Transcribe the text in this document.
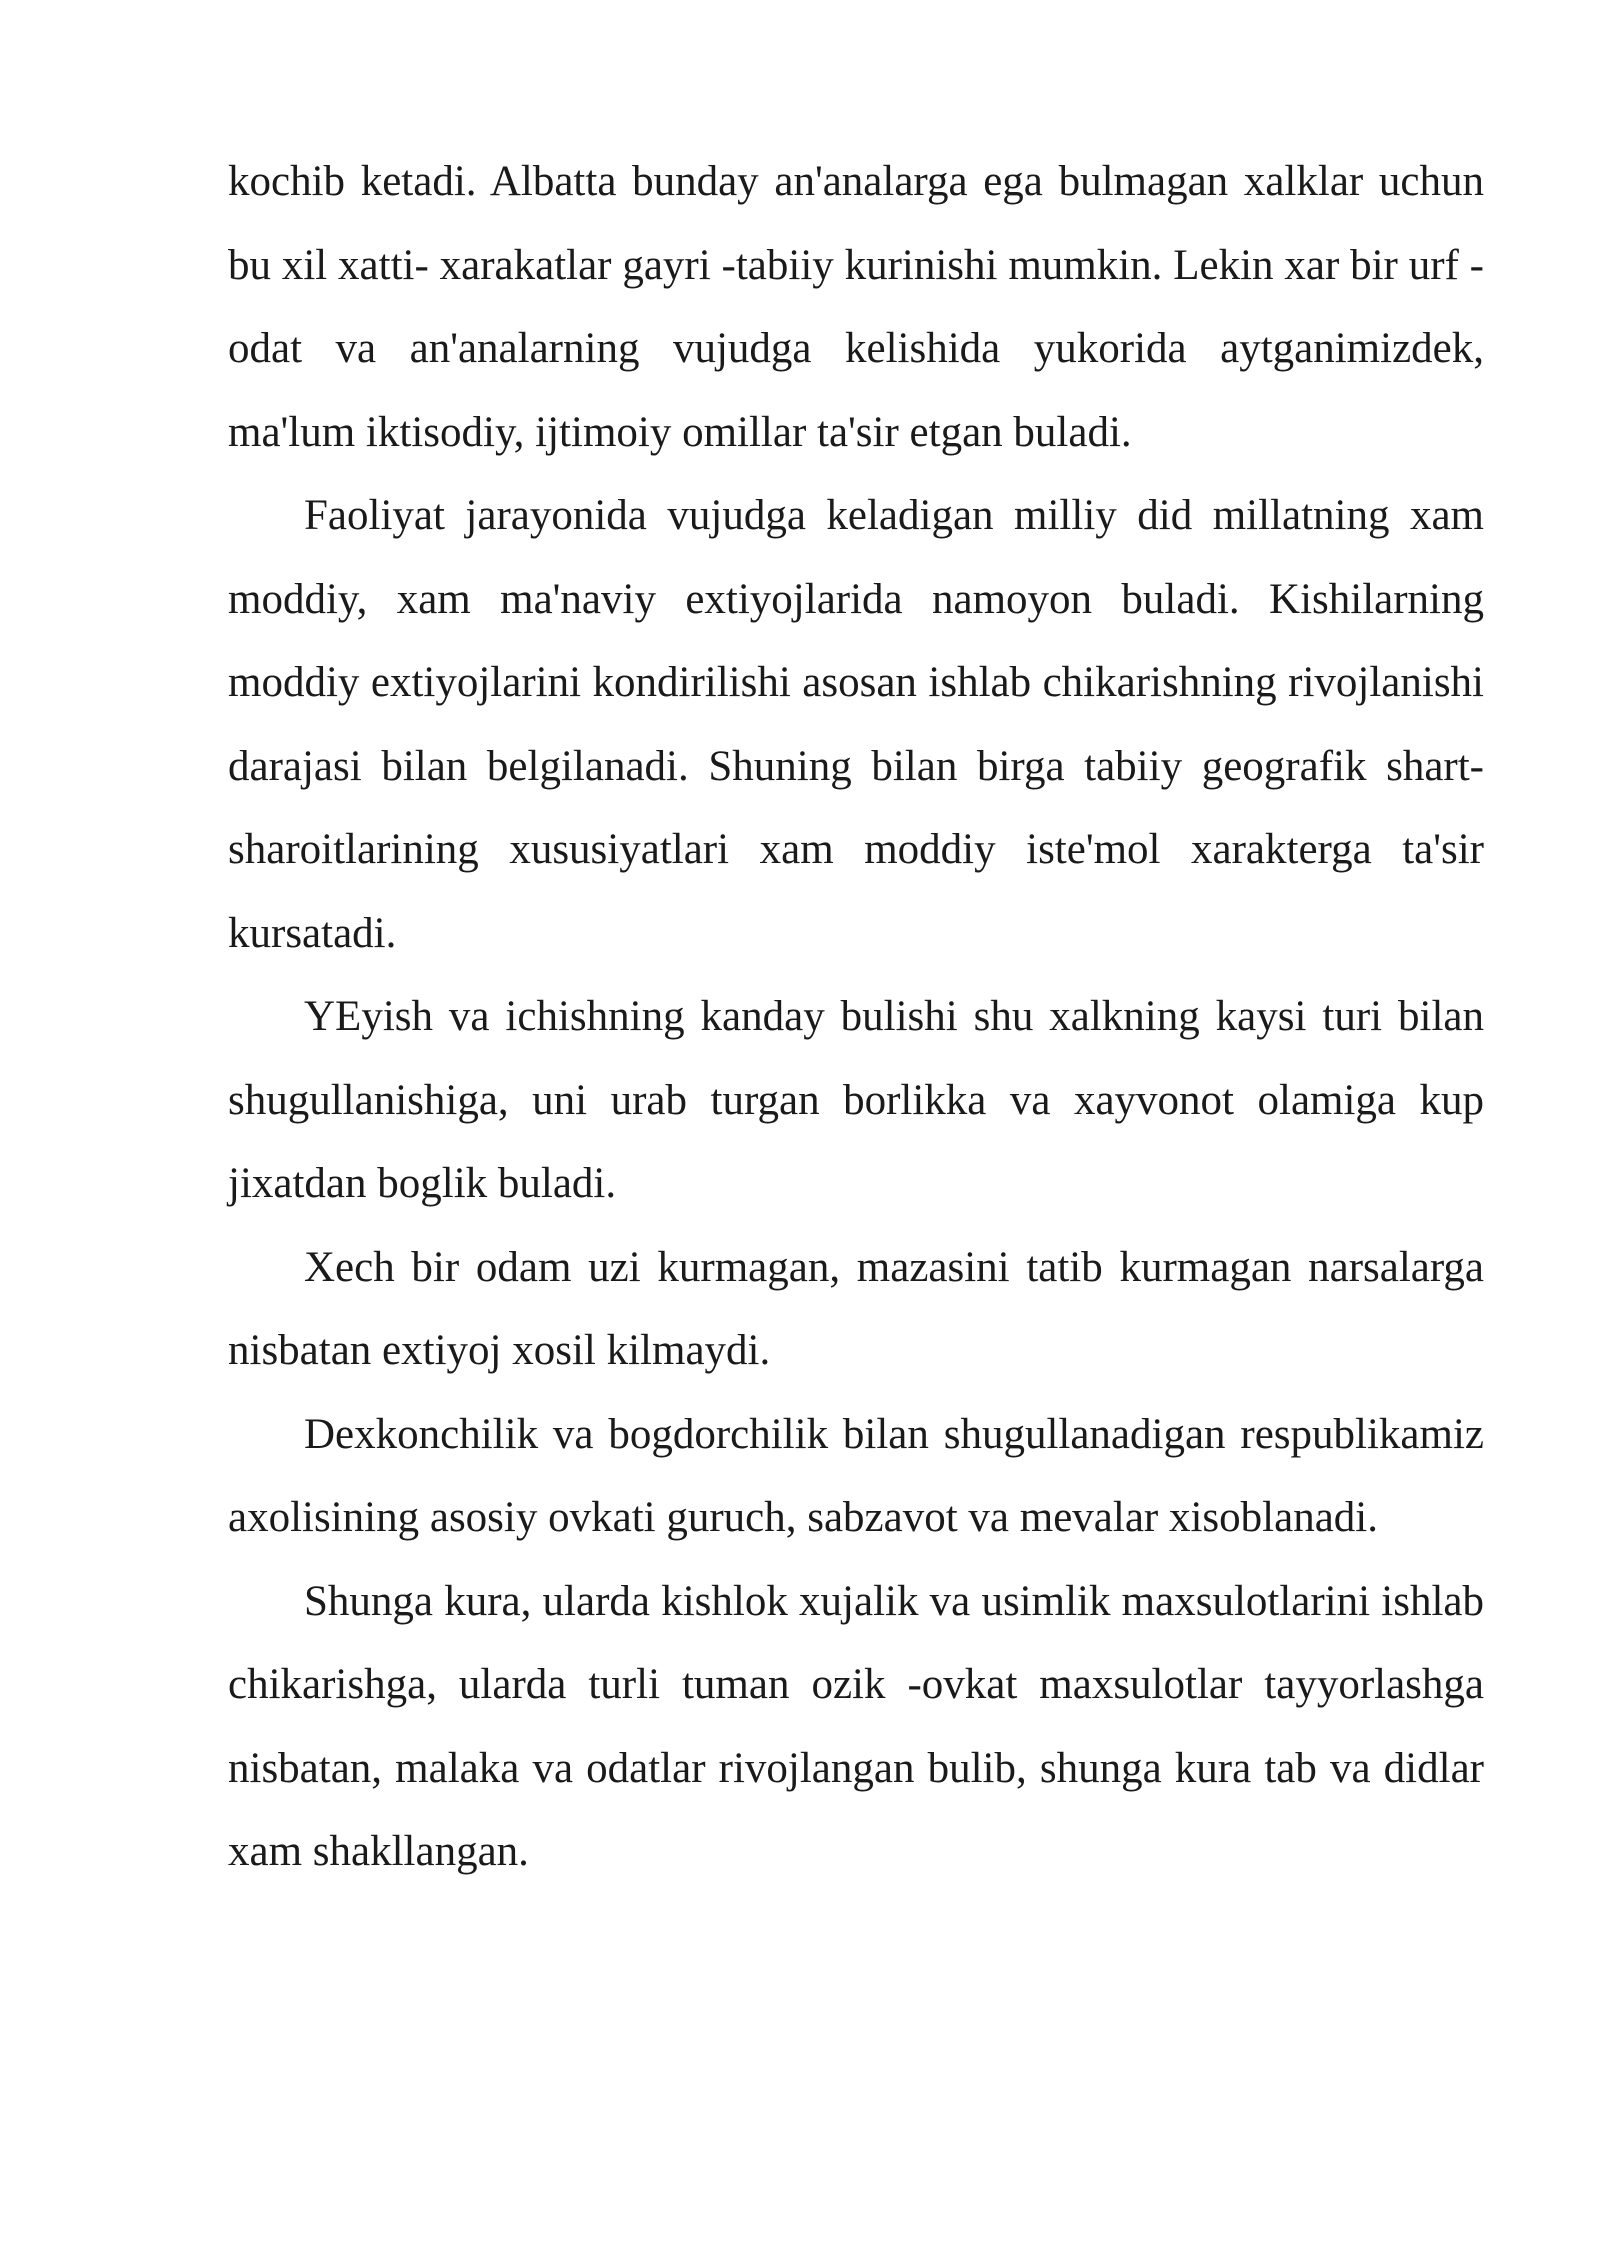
kochib ketadi. Albatta bunday an'analarga ega bulmagan xalklar uchun bu xil xatti- xarakatlar gayri -tabiiy kurinishi mumkin. Lekin xar bir urf -odat va an'analarning vujudga kelishida yukorida aytganimizdek, ma'lum iktisodiy, ijtimoiy omillar ta'sir etgan buladi.

Faoliyat jarayonida vujudga keladigan milliy did millatning xam moddiy, xam ma'naviy extiyojlarida namoyon buladi. Kishilarning moddiy extiyojlarini kondirilishi asosan ishlab chikarishning rivojlanishi darajasi bilan belgilanadi. Shuning bilan birga tabiiy geografik shart- sharoitlarining xususiyatlari xam moddiy iste'mol xarakterga ta'sir kursatadi.

YEyish va ichishning kanday bulishi shu xalkning kaysi turi bilan shugullanishiga, uni urab turgan borlikka va xayvonot olamiga kup jixatdan boglik buladi.

Xech bir odam uzi kurmagan, mazasini tatib kurmagan narsalarga nisbatan extiyoj xosil kilmaydi.

Dexkonchilik va bogdorchilik bilan shugullanadigan respublikamiz axolisining asosiy ovkati guruch, sabzavot va mevalar xisoblanadi.

Shunga kura, ularda kishlok xujalik va usimlik maxsulotlarini ishlab chikarishga, ularda turli tuman ozik -ovkat maxsulotlar tayyorlashga nisbatan, malaka va odatlar rivojlangan bulib, shunga kura tab va didlar xam shakllangan.
